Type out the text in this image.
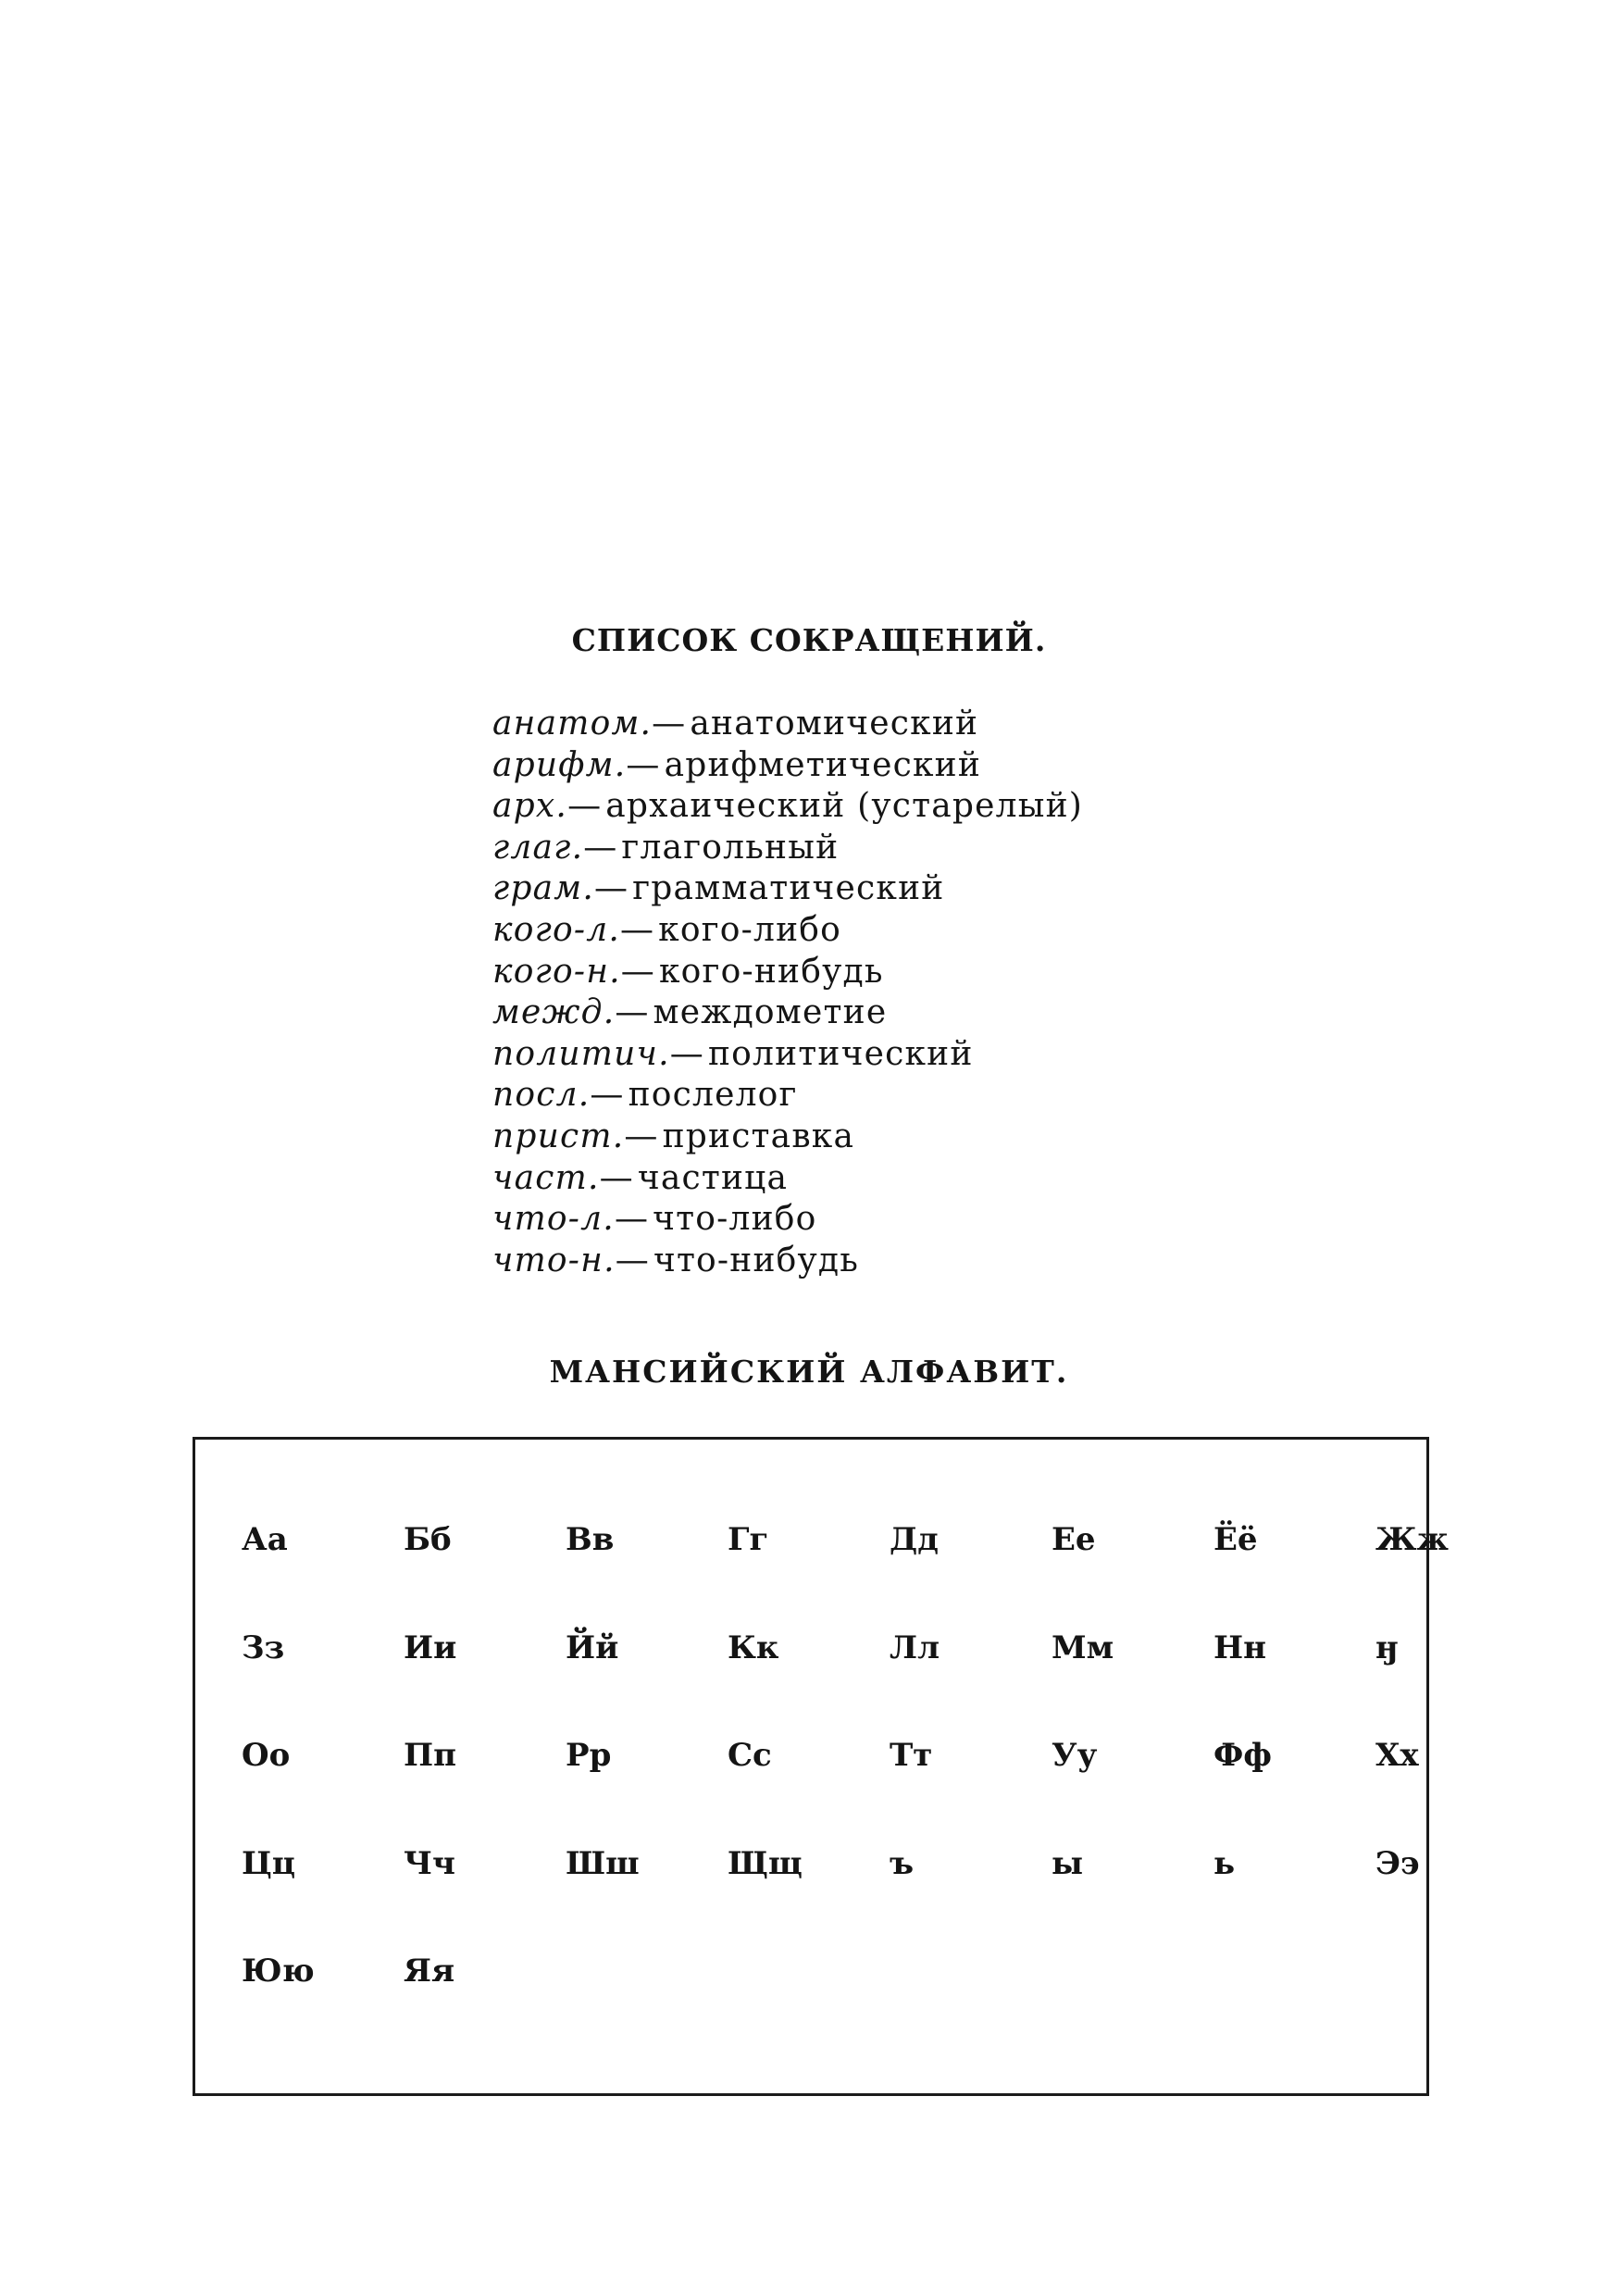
СПИСОК СОКРАЩЕНИЙ.
анатом.— анатомический
арифм.— арифметический
арх.— архаический (устарелый)
глаг.— глагольный
грам.— грамматический
кого-л.— кого-либо
кого-н.— кого-нибудь
межд.— междометие
политич.— политический
посл.— послелог
прист.— приставка
част.— частица
что-л.— что-либо
что-н.— что-нибудь
МАНСИЙСКИЙ АЛФАВИТ.
Аа	Бб	Вв	Гг	Дд	Ее	Ёё	Жж
Зз	Ии	Йй	Кк	Лл	Мм	Нн	ӈ
Оо	Пп	Рр	Сс	Тт	Уу	Фф	Хх
Цц	Чч	Шш	Щщ	ъ	ы	ь	Ээ
Юю	Яя
